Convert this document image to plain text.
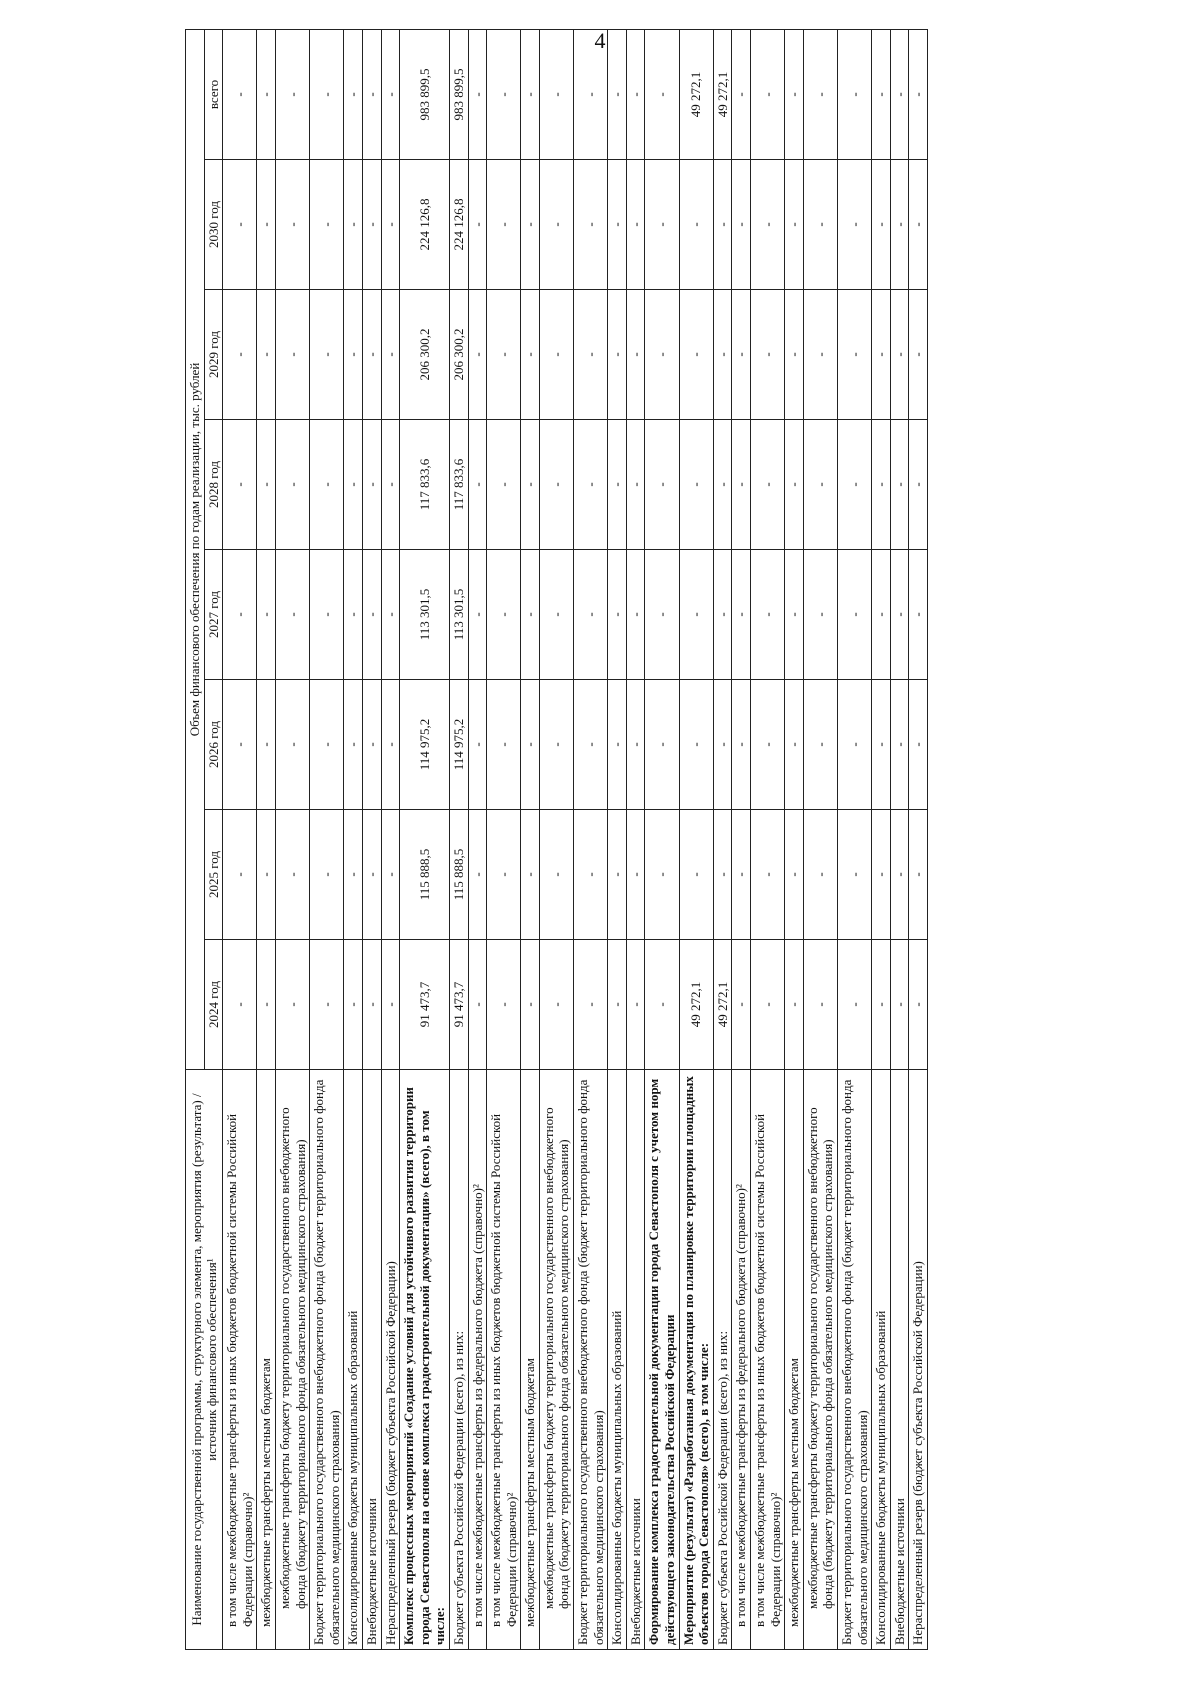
4
Наименование государственной программы, структурного элемента, мероприятия (результата) / источник финансового обеспечения¹	Объем финансового обеспечения по годам реализации, тыс. рублей							
	2024 год	2025 год	2026 год	2027 год	2028 год	2029 год	2030 год	всего
в том числе межбюджетные трансферты из иных бюджетов бюджетной системы Российской Федерации (справочно)²	-	-	-	-	-	-	-	-
межбюджетные трансферты местным бюджетам	-	-	-	-	-	-	-	-
межбюджетные трансферты бюджету территориального государственного внебюджетного фонда (бюджету территориального фонда обязательного медицинского страхования)	-	-	-	-	-	-	-	-
Бюджет территориального государственного внебюджетного фонда (бюджет территориального фонда обязательного медицинского страхования)	-	-	-	-	-	-	-	-
Консолидированные бюджеты муниципальных образований	-	-	-	-	-	-	-	-
Внебюджетные источники	-	-	-	-	-	-	-	-
Нераспределенный резерв (бюджет субъекта Российской Федерации)	-	-	-	-	-	-	-	-
Комплекс процессных мероприятий «Создание условий для устойчивого развития территории города Севастополя на основе комплекса градостроительной документации» (всего), в том числе:	91 473,7	115 888,5	114 975,2	113 301,5	117 833,6	206 300,2	224 126,8	983 899,5
Бюджет субъекта Российской Федерации (всего), из них:	91 473,7	115 888,5	114 975,2	113 301,5	117 833,6	206 300,2	224 126,8	983 899,5
в том числе межбюджетные трансферты из федерального бюджета (справочно)²	-	-	-	-	-	-	-	-
в том числе межбюджетные трансферты из иных бюджетов бюджетной системы Российской Федерации (справочно)²	-	-	-	-	-	-	-	-
межбюджетные трансферты местным бюджетам	-	-	-	-	-	-	-	-
межбюджетные трансферты бюджету территориального государственного внебюджетного фонда (бюджету территориального фонда обязательного медицинского страхования)	-	-	-	-	-	-	-	-
Бюджет территориального государственного внебюджетного фонда (бюджет территориального фонда обязательного медицинского страхования)	-	-	-	-	-	-	-	-
Консолидированные бюджеты муниципальных образований	-	-	-	-	-	-	-	-
Внебюджетные источники	-	-	-	-	-	-	-	-
Формирование комплекса градостроительной документации города Севастополя с учетом норм действующего законодательства Российской Федерации	-	-	-	-	-	-	-	-
Мероприятие (результат) «Разработанная документация по планировке территории площадных объектов города Севастополя» (всего), в том числе:	49 272,1	-	-	-	-	-	-	49 272,1
Бюджет субъекта Российской Федерации (всего), из них:	49 272,1	-	-	-	-	-	-	49 272,1
в том числе межбюджетные трансферты из федерального бюджета (справочно)²	-	-	-	-	-	-	-	-
в том числе межбюджетные трансферты из иных бюджетов бюджетной системы Российской Федерации (справочно)²	-	-	-	-	-	-	-	-
межбюджетные трансферты местным бюджетам	-	-	-	-	-	-	-	-
межбюджетные трансферты бюджету территориального государственного внебюджетного фонда (бюджету территориального фонда обязательного медицинского страхования)	-	-	-	-	-	-	-	-
Бюджет территориального государственного внебюджетного фонда (бюджет территориального фонда обязательного медицинского страхования)	-	-	-	-	-	-	-	-
Консолидированные бюджеты муниципальных образований	-	-	-	-	-	-	-	-
Внебюджетные источники	-	-	-	-	-	-	-	-
Нераспределенный резерв (бюджет субъекта Российской Федерации)	-	-	-	-	-	-	-	-
